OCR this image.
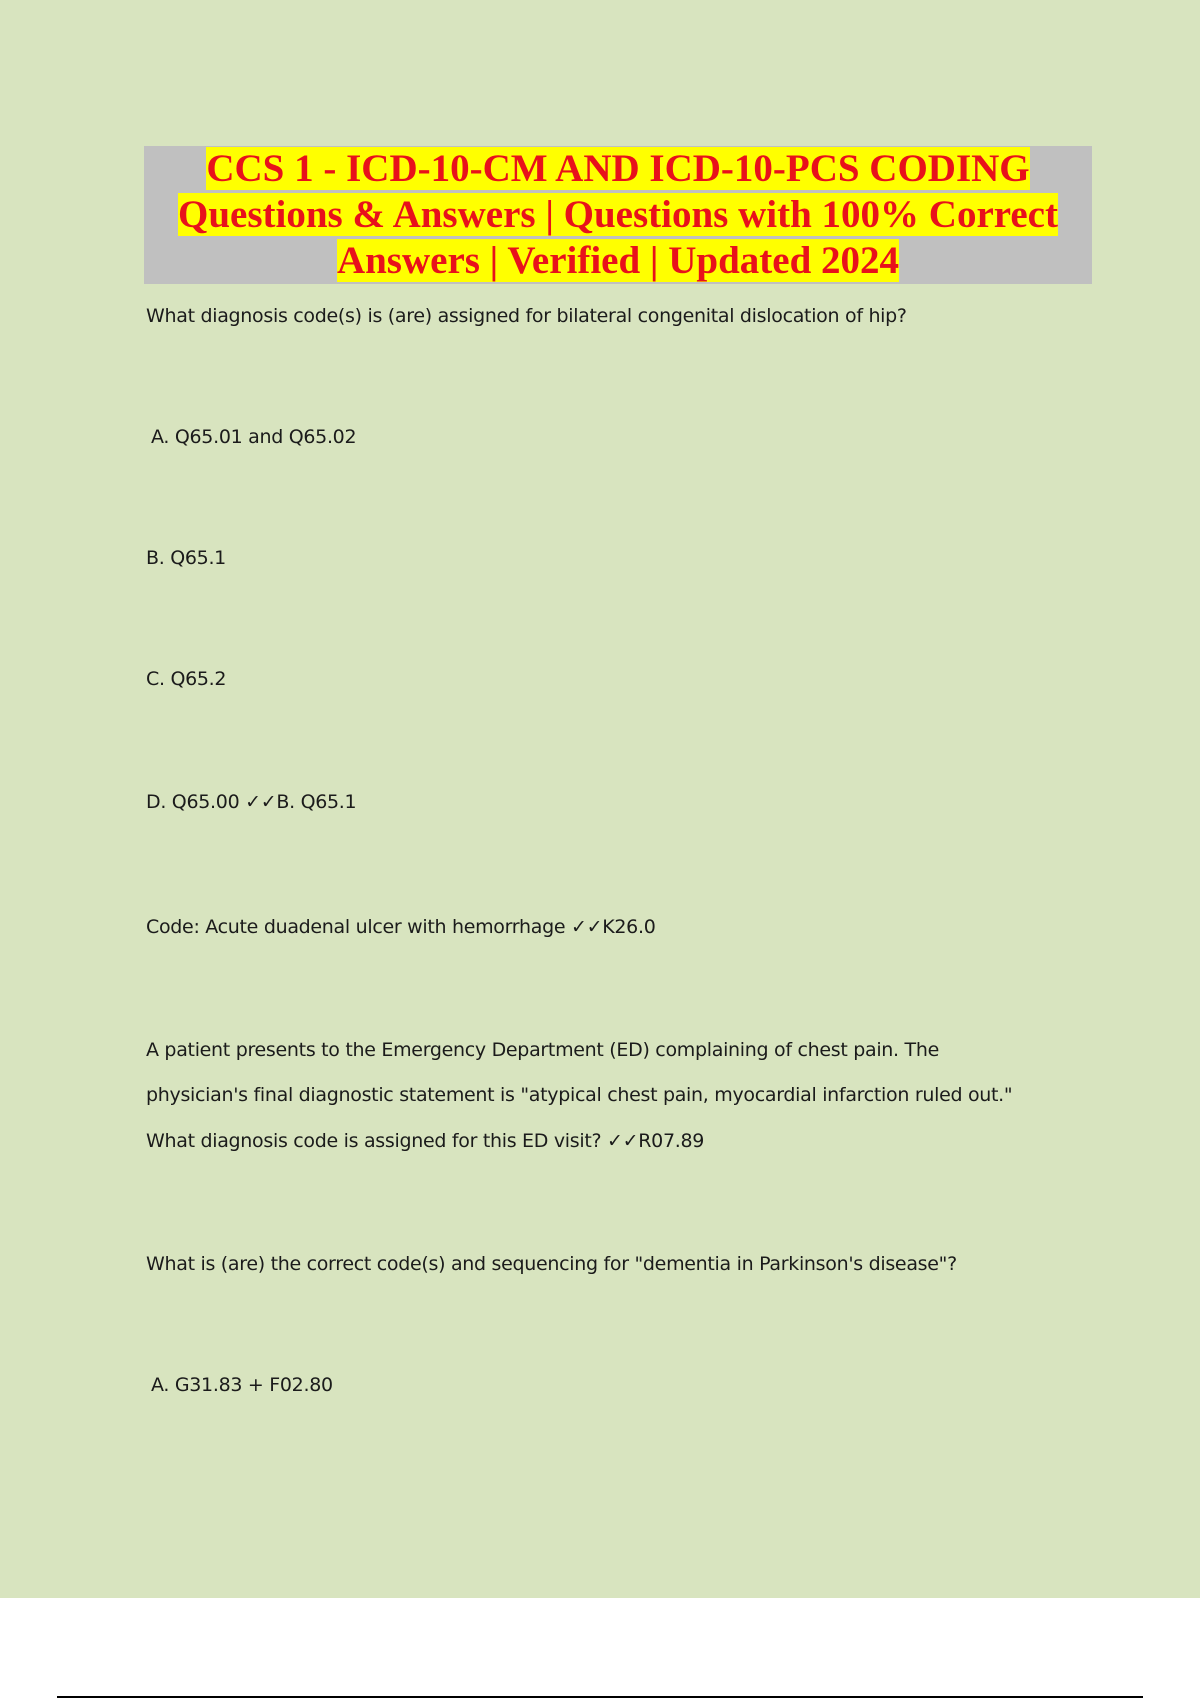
CCS 1 - ICD-10-CM AND ICD-10-PCS CODING
Questions & Answers | Questions with 100% Correct
Answers | Verified | Updated 2024

What diagnosis code(s) is (are) assigned for bilateral congenital dislocation of hip?

A. Q65.01 and Q65.02

B. Q65.1

C. Q65.2

D. Q65.00 ✓✓B. Q65.1

Code: Acute duadenal ulcer with hemorrhage ✓✓K26.0

A patient presents to the Emergency Department (ED) complaining of chest pain. The

physician's final diagnostic statement is "atypical chest pain, myocardial infarction ruled out."

What diagnosis code is assigned for this ED visit? ✓✓R07.89

What is (are) the correct code(s) and sequencing for "dementia in Parkinson's disease"?

A. G31.83 + F02.80
